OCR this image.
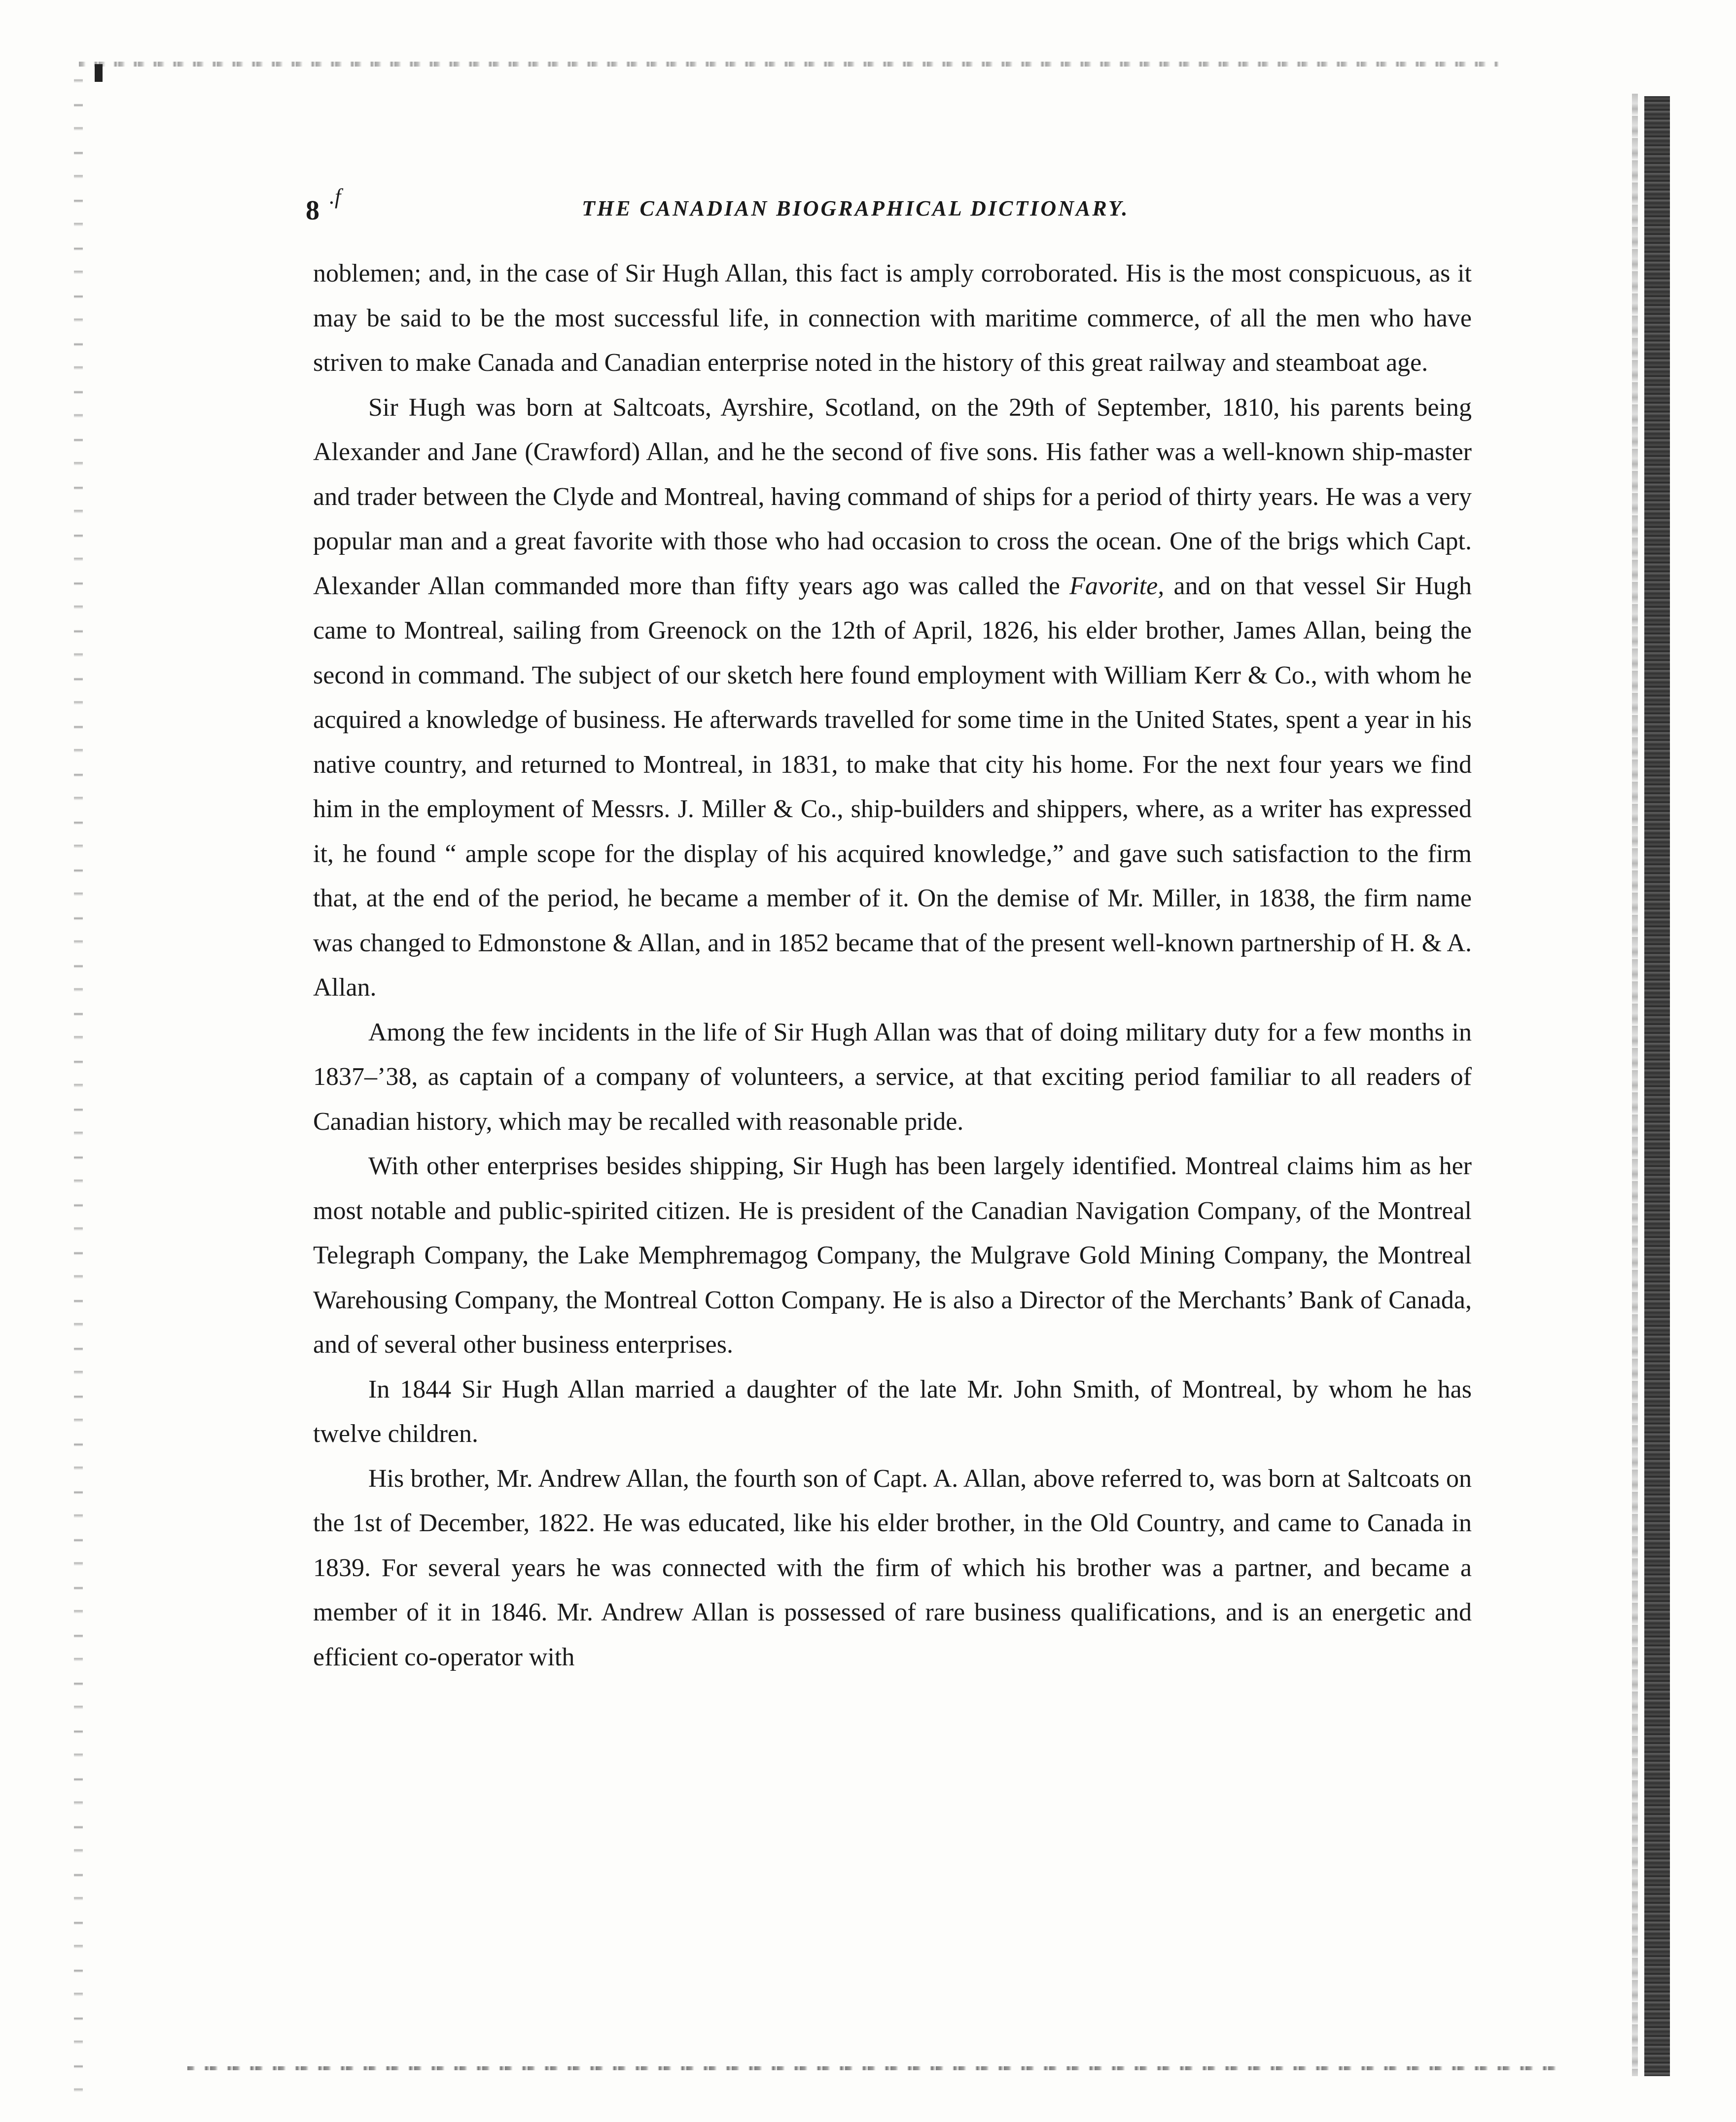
8 .f	THE CANADIAN BIOGRAPHICAL DICTIONARY.

noblemen; and, in the case of Sir Hugh Allan, this fact is amply corroborated. His is the most conspicuous, as it may be said to be the most successful life, in connection with maritime commerce, of all the men who have striven to make Canada and Canadian enterprise noted in the history of this great railway and steamboat age.

Sir Hugh was born at Saltcoats, Ayrshire, Scotland, on the 29th of September, 1810, his parents being Alexander and Jane (Crawford) Allan, and he the second of five sons. His father was a well-known ship-master and trader between the Clyde and Montreal, having command of ships for a period of thirty years. He was a very popular man and a great favorite with those who had occasion to cross the ocean. One of the brigs which Capt. Alexander Allan commanded more than fifty years ago was called the Favorite, and on that vessel Sir Hugh came to Montreal, sailing from Greenock on the 12th of April, 1826, his elder brother, James Allan, being the second in command. The subject of our sketch here found employment with William Kerr & Co., with whom he acquired a knowledge of business. He afterwards travelled for some time in the United States, spent a year in his native country, and returned to Montreal, in 1831, to make that city his home. For the next four years we find him in the employment of Messrs. J. Miller & Co., ship-builders and shippers, where, as a writer has expressed it, he found “ ample scope for the display of his acquired knowledge,” and gave such satisfaction to the firm that, at the end of the period, he became a member of it. On the demise of Mr. Miller, in 1838, the firm name was changed to Edmonstone & Allan, and in 1852 became that of the present well-known partnership of H. & A. Allan.

Among the few incidents in the life of Sir Hugh Allan was that of doing military duty for a few months in 1837–’38, as captain of a company of volunteers, a service, at that exciting period familiar to all readers of Canadian history, which may be recalled with reasonable pride.

With other enterprises besides shipping, Sir Hugh has been largely identified. Montreal claims him as her most notable and public-spirited citizen. He is president of the Canadian Navigation Company, of the Montreal Telegraph Company, the Lake Memphremagog Company, the Mulgrave Gold Mining Company, the Montreal Warehousing Company, the Montreal Cotton Company. He is also a Director of the Merchants’ Bank of Canada, and of several other business enterprises.

In 1844 Sir Hugh Allan married a daughter of the late Mr. John Smith, of Montreal, by whom he has twelve children.

His brother, Mr. Andrew Allan, the fourth son of Capt. A. Allan, above referred to, was born at Saltcoats on the 1st of December, 1822. He was educated, like his elder brother, in the Old Country, and came to Canada in 1839. For several years he was connected with the firm of which his brother was a partner, and became a member of it in 1846. Mr. Andrew Allan is possessed of rare business qualifications, and is an energetic and efficient co-operator with
